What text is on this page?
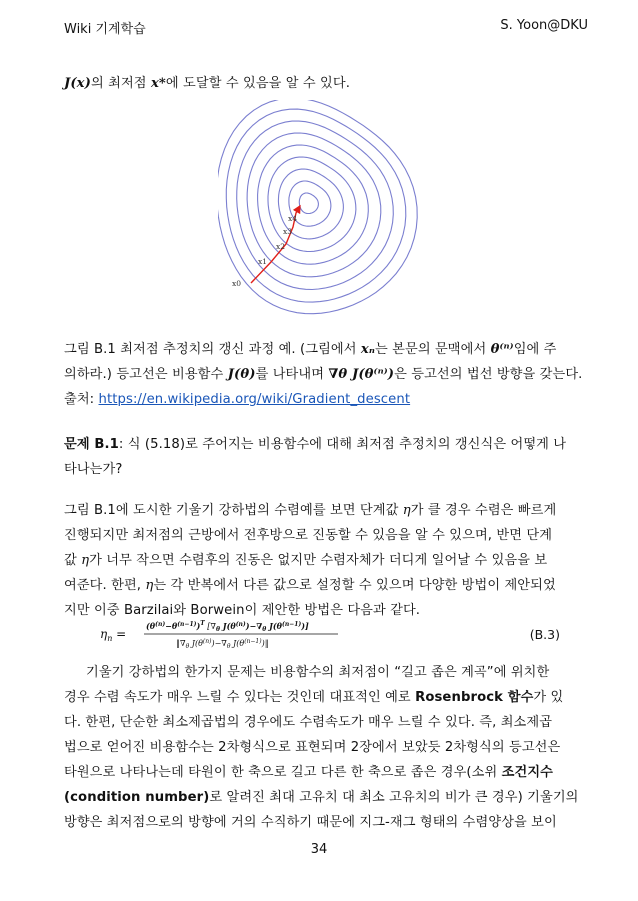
Wiki 기계학습	S. Yoon@DKU
J(x)의 최저점 x*에 도달할 수 있음을 알 수 있다.
x0
x1
x2
x3
x4
그림 B.1 최저점 추정치의 갱신 과정 예. (그림에서 xₙ는 본문의 문맥에서 θ⁽ⁿ⁾임에 주
의하라.) 등고선은 비용함수 J(θ)를 나타내며 ∇θ J(θ⁽ⁿ⁾)은 등고선의 법선 방향을 갖는다.
출처: https://en.wikipedia.org/wiki/Gradient_descent
문제 B.1: 식 (5.18)로 주어지는 비용함수에 대해 최저점 추정치의 갱신식은 어떻게 나
타나는가?
그림 B.1에 도시한 기울기 강하법의 수렴예를 보면 단계값 η가 클 경우 수렴은 빠르게
진행되지만 최저점의 근방에서 전후방으로 진동할 수 있음을 알 수 있으며, 반면 단계
값 η가 너무 작으면 수렴후의 진동은 없지만 수렴자체가 더디게 일어날 수 있음을 보
여준다. 한편, η는 각 반복에서 다른 값으로 설정할 수 있으며 다양한 방법이 제안되었
지만 이중 Barzilai와 Borwein이 제안한 방법은 다음과 같다.
$\eta_n$ =
$(\theta^{(n)}-\theta^{(n-1)})^T$ [$\nabla_\theta$ $J(\theta^{(n)})-\nabla_\theta$ $J(\theta^{(n-1)})$]
$‖\nabla_\theta$ $J(\theta^{(n)})-\nabla_\theta$ $J(\theta^{(n-1)})‖$
(B.3)
기울기 강하법의 한가지 문제는 비용함수의 최저점이 “길고 좁은 계곡”에 위치한
경우 수렴 속도가 매우 느릴 수 있다는 것인데 대표적인 예로 Rosenbrock 함수가 있
다. 한편, 단순한 최소제곱법의 경우에도 수렴속도가 매우 느릴 수 있다. 즉, 최소제곱
법으로 얻어진 비용함수는 2차형식으로 표현되며 2장에서 보았듯 2차형식의 등고선은
타원으로 나타나는데 타원이 한 축으로 길고 다른 한 축으로 좁은 경우(소위 조건지수
(condition number)로 알려진 최대 고유치 대 최소 고유치의 비가 큰 경우) 기울기의
방향은 최저점으로의 방향에 거의 수직하기 때문에 지그-재그 형태의 수렴양상을 보이
34
